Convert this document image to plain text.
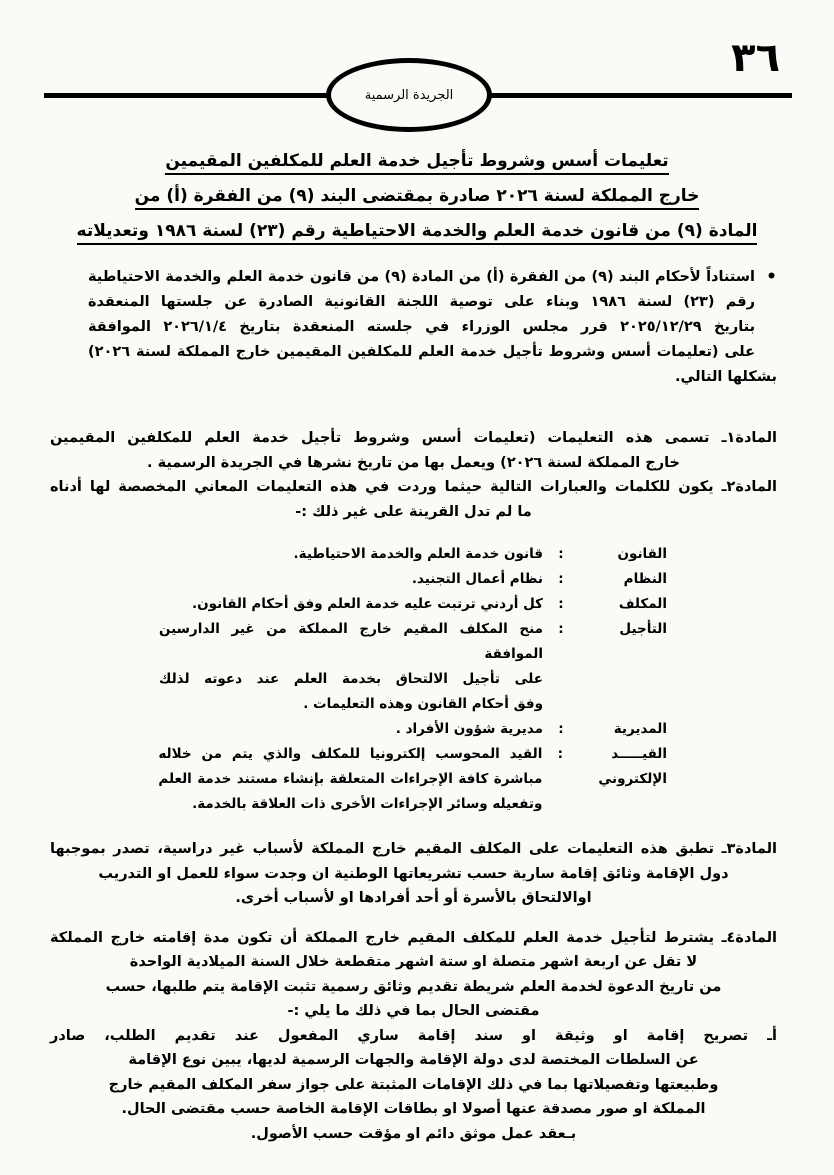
٣٦
الجريدة الرسمية
تعليمات أسس وشروط تأجيل خدمة العلم للمكلفين المقيمين
خارج المملكة لسنة ٢٠٢٦ صادرة بمقتضى البند (٩) من الفقرة (أ) من
المادة (٩) من قانون خدمة العلم والخدمة الاحتياطية رقم (٢٣) لسنة ١٩٨٦ وتعديلاته
•
استناداً لأحكام البند (٩) من الفقرة (أ) من المادة (٩) من قانون خدمة العلم والخدمة الاحتياطية
رقم (٢٣) لسنة ١٩٨٦ وبناء على توصية اللجنة القانونية الصادرة عن جلستها المنعقدة
بتاريخ ٢٠٢٥/١٢/٢٩ قرر مجلس الوزراء في جلسته المنعقدة بتاريخ ٢٠٢٦/١/٤ الموافقة
على (تعليمات أسس وشروط تأجيل خدمة العلم للمكلفين المقيمين خارج المملكة لسنة ٢٠٢٦)
بشكلها التالي.
المادة١ـ تسمى هذه التعليمات (تعليمات أسس وشروط تأجيل خدمة العلم للمكلفين المقيمين
خارج المملكة لسنة ٢٠٢٦) ويعمل بها من تاريخ نشرها في الجريدة الرسمية .
المادة٢ـ يكون للكلمات والعبارات التالية حيثما وردت في هذه التعليمات المعاني المخصصة لها أدناه
ما لم تدل القرينة على غير ذلك :-
القانون
:
قانون خدمة العلم والخدمة الاحتياطية.
النظام
:
نظام أعمال التجنيد.
المكلف
:
كل أردني ترتبت عليه خدمة العلم وفق أحكام القانون.
التأجيل
:
منح المكلف المقيم خارج المملكة من غير الدارسين الموافقة
على تأجيل الالتحاق بخدمة العلم عند دعوته لذلك
وفق أحكام القانون وهذه التعليمات .
المديرية
:
مديرية شؤون الأفراد .
القيـــــد
الإلكتروني
:
القيد المحوسب إلكترونيا للمكلف والذي يتم من خلاله
مباشرة كافة الإجراءات المتعلقة بإنشاء مستند خدمة العلم
وتفعيله وسائر الإجراءات الأخرى ذات العلاقة بالخدمة.
المادة٣ـ تطبق هذه التعليمات على المكلف المقيم خارج المملكة لأسباب غير دراسية، تصدر بموجبها
دول الإقامة وثائق إقامة سارية حسب تشريعاتها الوطنية ان وجدت سواء للعمل او التدريب
اوالالتحاق بالأسرة أو أحد أفرادها او لأسباب أخرى.
المادة٤ـ يشترط لتأجيل خدمة العلم للمكلف المقيم خارج المملكة أن تكون مدة إقامته خارج المملكة
لا تقل عن اربعة اشهر متصلة او ستة اشهر متقطعة خلال السنة الميلادية الواحدة
من تاريخ الدعوة لخدمة العلم شريطة تقديم وثائق رسمية تثبت الإقامة يتم طلبها، حسب
مقتضى الحال بما في ذلك ما يلي :-
أـ تصريح إقامة او وثيقة او سند إقامة ساري المفعول عند تقديم الطلب، صادر
عن السلطات المختصة لدى دولة الإقامة والجهات الرسمية لديها، يبين نوع الإقامة
وطبيعتها وتفصيلاتها بما في ذلك الإقامات المثبتة على جواز سفر المكلف المقيم خارج
المملكة او صور مصدقة عنها أصولا او بطاقات الإقامة الخاصة حسب مقتضى الحال.
بـعقد عمل موثق دائم او مؤقت حسب الأصول.
